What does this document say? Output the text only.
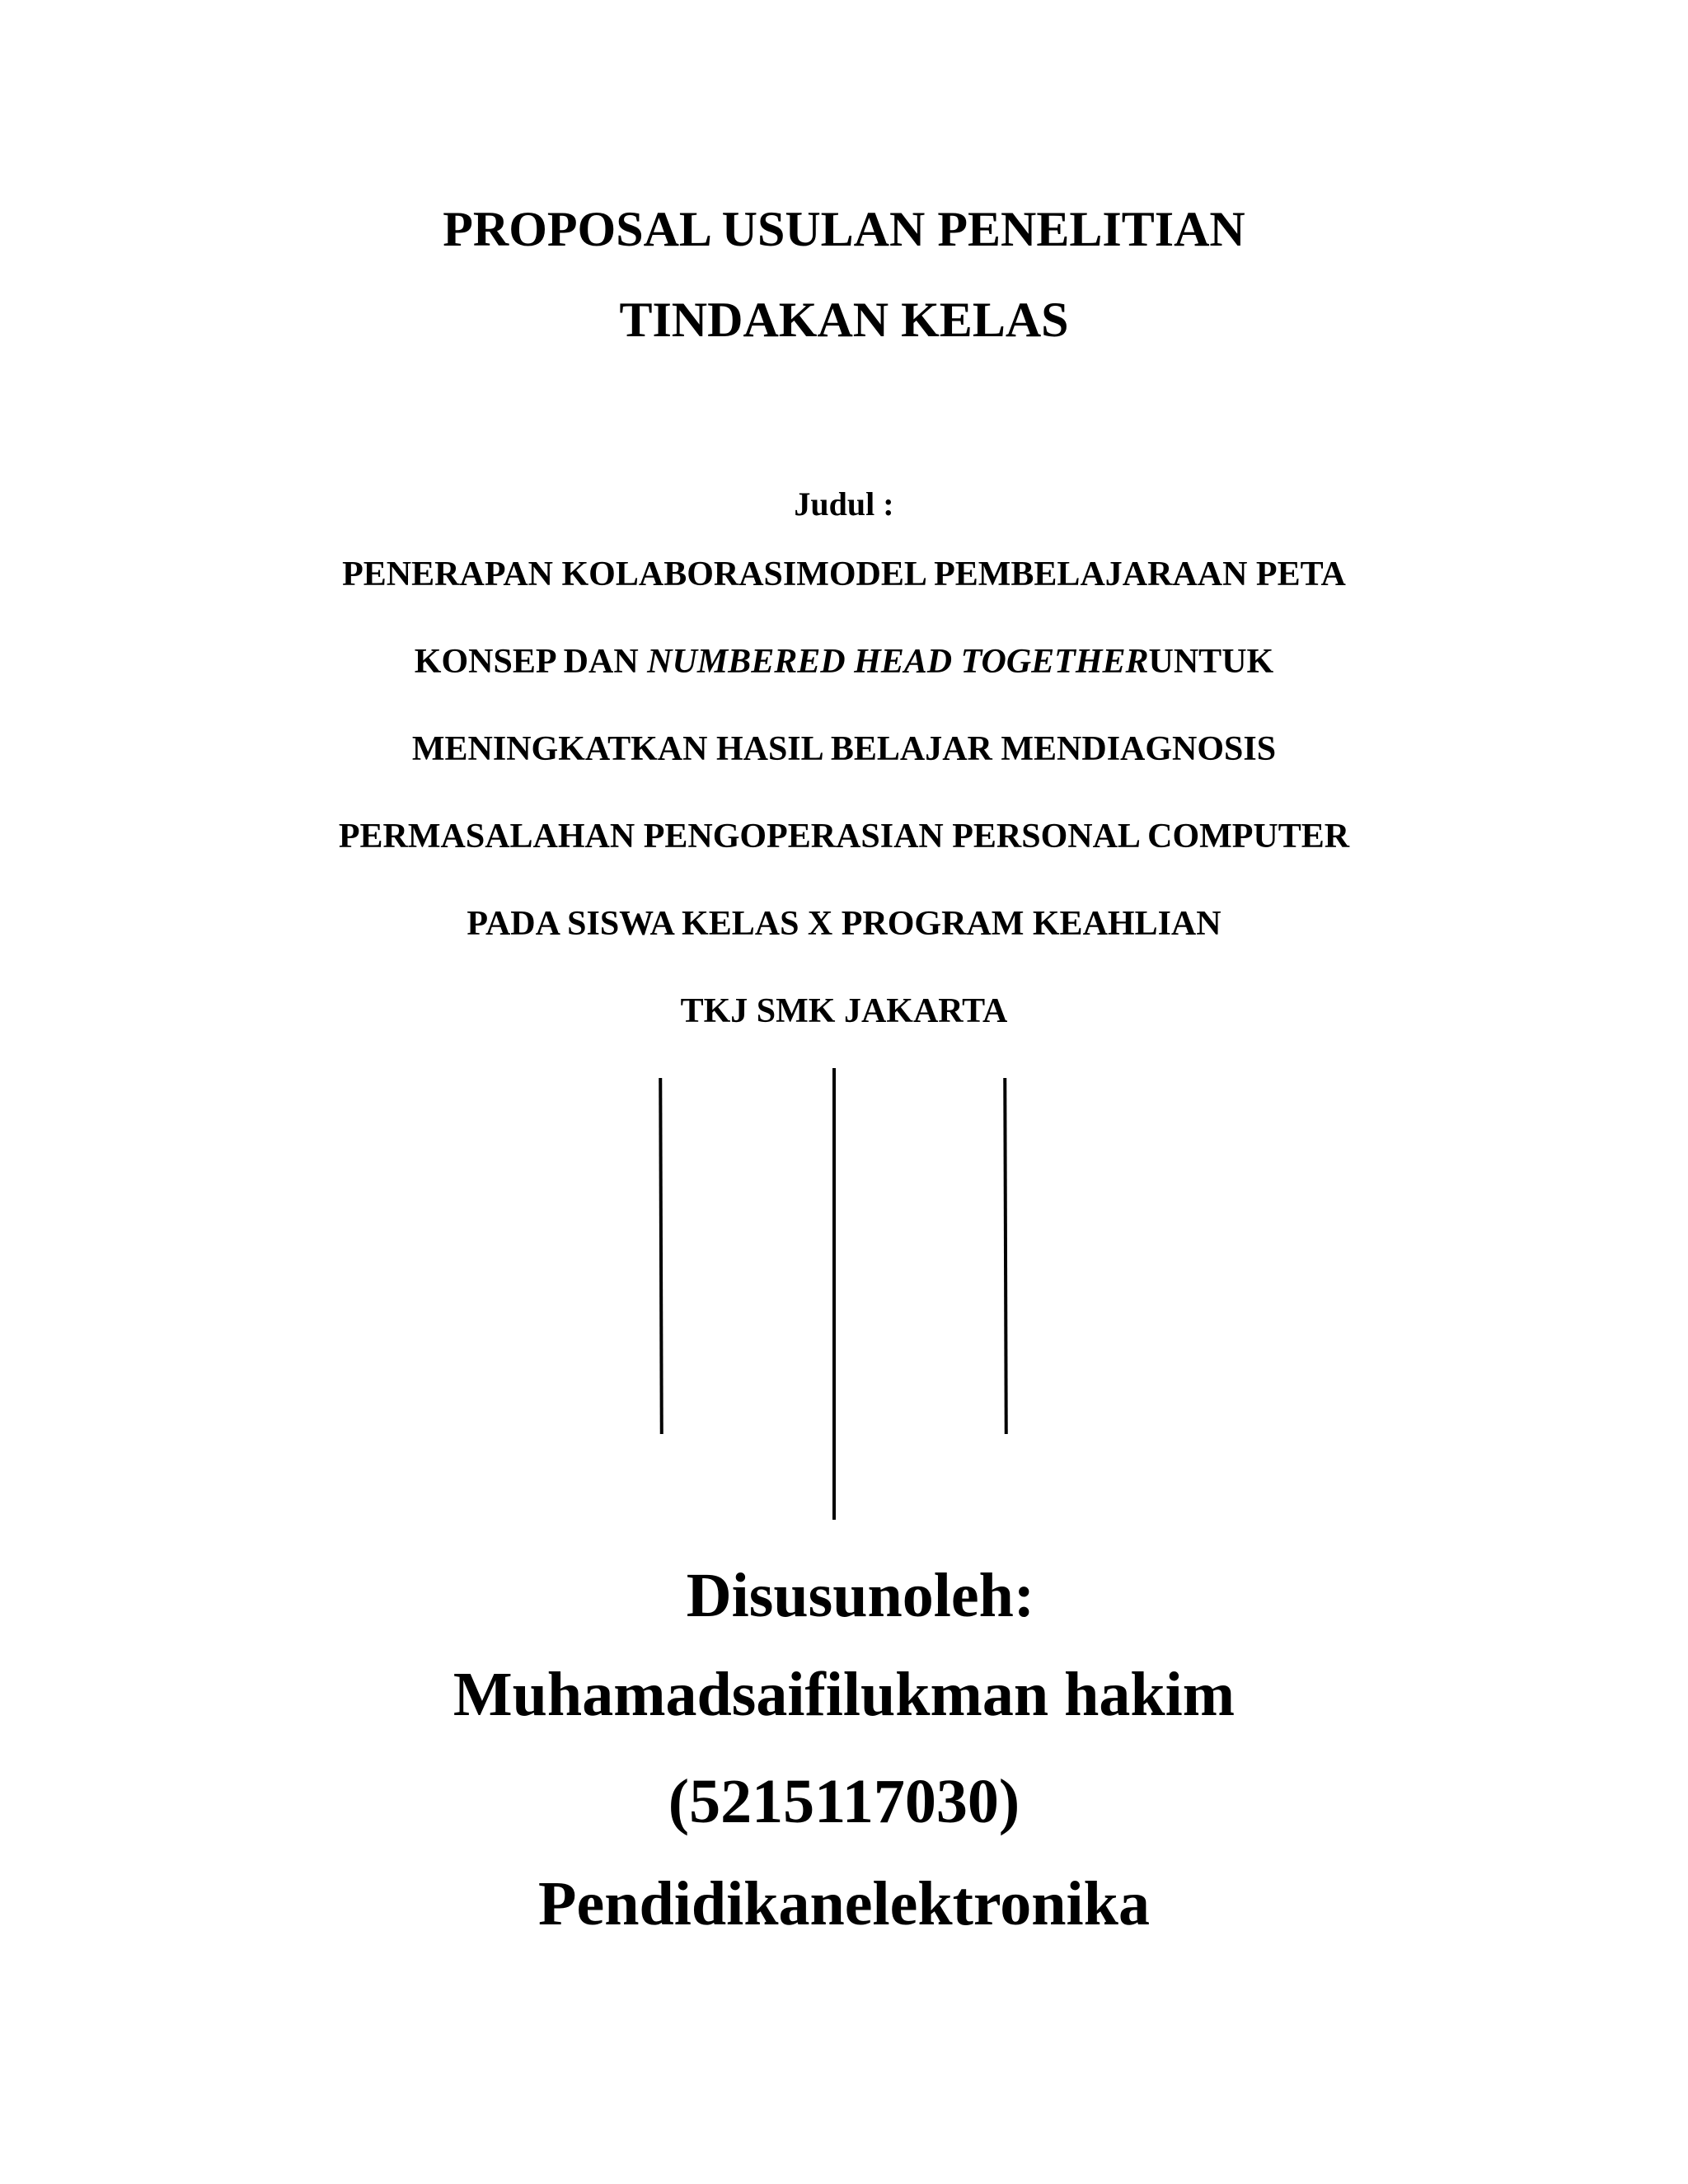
PROPOSAL USULAN PENELITIAN
TINDAKAN KELAS
Judul :
PENERAPAN KOLABORASIMODEL PEMBELAJARAAN PETA
KONSEP DAN NUMBERED HEAD TOGETHERUNTUK
MENINGKATKAN HASIL BELAJAR MENDIAGNOSIS
PERMASALAHAN PENGOPERASIAN PERSONAL COMPUTER
PADA SISWA KELAS X PROGRAM KEAHLIAN
TKJ SMK JAKARTA
Disusunoleh:
Muhamadsaifilukman hakim
(5215117030)
Pendidikanelektronika
